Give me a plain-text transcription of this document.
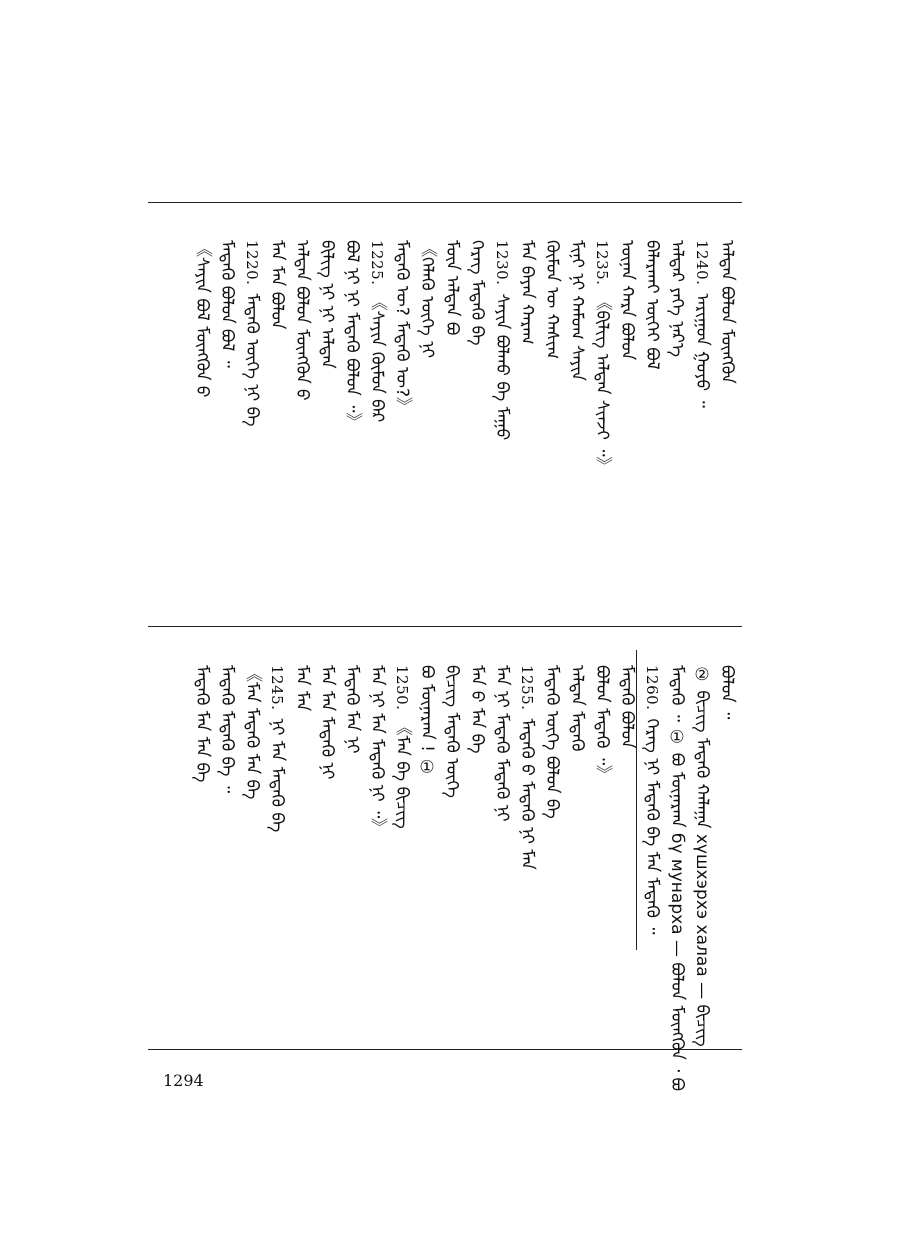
ᠠᠯᠲᠠᠨ ᠪᠤᠯᠤᠨ ᠮᠥᠩᠭᠦᠨ
1240.ᠠᠷᠢᠭᠤᠨ ᠭᠣᠶᠤ ᠃
ᠠᠯᠳᠠᠷ ᠶᠡᠬᠡ ᠨᠡᠷ᠎ᠡ
ᠪᠠᠯᠠᠷᠬᠠᠢ ᠦᠭᠡᠢ ᠪᠣᠯ
ᠦᠨᠡᠨ ᠬᠠᠷᠠ ᠪᠣᠯᠤᠨ
1235.《ᠪᠢᠯᠢᠭ ᠠᠯᠲᠠᠨ ᠰᠢᠨᠵᠢ ᠃》
ᠮᠢᠨᠢ ᠨᠢ ᠬᠠᠮᠤᠭ ᠰᠠᠶᠢᠨ
ᠬᠦᠮᠦᠨ ᠦ ᠬᠠᠰᠢᠭ
ᠮᠡᠨ ᠪᠠᠶᠠᠨ ᠬᠠᠷᠠᠭ
1230.ᠰᠠᠶᠢᠨ ᠪᠣᠯᠬᠤ ᠪᠠ ᠮᠠᠭᠤ
ᠬᠡᠷᠡᠭ ᠮᠡᠳᠡᠬᠦ ᠪᠠ
ᠮᠦᠨ ᠠᠯᠲᠠᠨ ᠪᠤ
《ᠬᠡᠯᠡᠬᠦ ᠦᠭᠡ ᠨᠢ
ᠮᠡᠳᠡᠬᠦ ᠦ? ᠮᠡᠳᠡᠬᠦ ᠦ?》
1225.《ᠰᠠᠶᠢᠨ ᠬᠦᠮᠦᠨ ᠪᠠᠷ
ᠪᠣᠯ ᠨᠢ ᠨᠢ ᠮᠡᠳᠡᠬᠦ ᠪᠣᠯᠤᠨ ᠃》
ᠪᠢᠯᠢᠭ ᠨᠢ ᠨᠢ ᠠᠯᠲᠠᠨ
ᠠᠯᠲᠠᠨ ᠪᠤᠯᠤᠨ ᠮᠥᠩᠭᠦᠨ ᠪ
ᠮᠡᠨ ᠮᠡᠨ ᠪᠣᠯᠤᠨ
1220.ᠮᠡᠳᠡᠬᠦ ᠦᠭᠡ ᠨᠢ ᠪᠠ
ᠮᠡᠳᠡᠬᠦ ᠪᠣᠯᠤᠨ ᠪᠣᠯ ᠃
《ᠰᠠᠶᠢᠨ ᠪᠣᠯ ᠮᠥᠩᠭᠦᠨ ᠪ
ᠪᠣᠯᠤᠨ ᠃
② ᠪᠢᠴᠢᠭ ᠮᠡᠳᠡᠬᠦ ᠬᠠᠯᠠᠭᠠ xүшхэрхэ халаа — ᠪᠢᠴᠢᠭ
ᠮᠡᠳᠡᠬᠦ ᠃ ① ᠪᠣ ᠮᠦᠨᠠᠷᠬᠠ бү мунарха — ᠪᠣᠯᠤᠨ ᠮᠥᠩᠭᠦᠨ ᠂ ᠪᠣ
1260.ᠬᠡᠷᠡᠭ ᠨᠢ ᠮᠡᠳᠡᠬᠦ ᠪᠠ ᠮᠡᠨ ᠮᠡᠳᠡᠬᠦ ᠃
ᠮᠡᠳᠡᠬᠦ ᠪᠣᠯᠤᠨ
ᠪᠣᠯᠤᠨ ᠮᠡᠳᠡᠬᠦ ᠃》
ᠠᠯᠲᠠᠨ ᠮᠡᠳᠡᠬᠦ
ᠮᠡᠳᠡᠬᠦ ᠦᠭᠡ ᠪᠣᠯᠤᠨ ᠪᠠ
1255.ᠮᠡᠳᠡᠬᠦ ᠪ ᠮᠡᠳᠡᠬᠦ ᠨᠢ ᠮᠡᠨ
ᠮᠡᠨ ᠨᠢ ᠮᠡᠳᠡᠬᠦ ᠮᠡᠳᠡᠬᠦ ᠨᠢ
ᠮᠡᠨ ᠪ ᠮᠡᠨ ᠪᠠ
ᠪᠢᠴᠢᠭ ᠮᠡᠳᠡᠬᠦ ᠦᠭᠡ
ᠪᠣ ᠮᠦᠨᠠᠷᠬᠠ ! ①
1250.《ᠮᠡᠨ ᠪᠠ ᠪᠢᠴᠢᠭ
ᠮᠡᠨ ᠨᠢ ᠮᠡᠨ ᠮᠡᠳᠡᠬᠦ ᠨᠢ ᠃》
ᠮᠡᠳᠡᠬᠦ ᠮᠡᠨ ᠨᠢ
ᠮᠡᠨ ᠮᠡᠨ ᠮᠡᠳᠡᠬᠦ ᠨᠢ
ᠮᠡᠨ ᠮᠡᠨ
1245.ᠨᠢ ᠮᠡᠨ ᠮᠡᠳᠡᠬᠦ ᠪᠠ
《ᠮᠡᠨ ᠮᠡᠳᠡᠬᠦ ᠮᠡᠨ ᠪᠠ
ᠮᠡᠳᠡᠬᠦ ᠮᠡᠳᠡᠬᠦ ᠪᠠ ᠃
ᠮᠡᠳᠡᠬᠦ ᠮᠡᠨ ᠮᠡᠨ ᠪᠠ
1294
